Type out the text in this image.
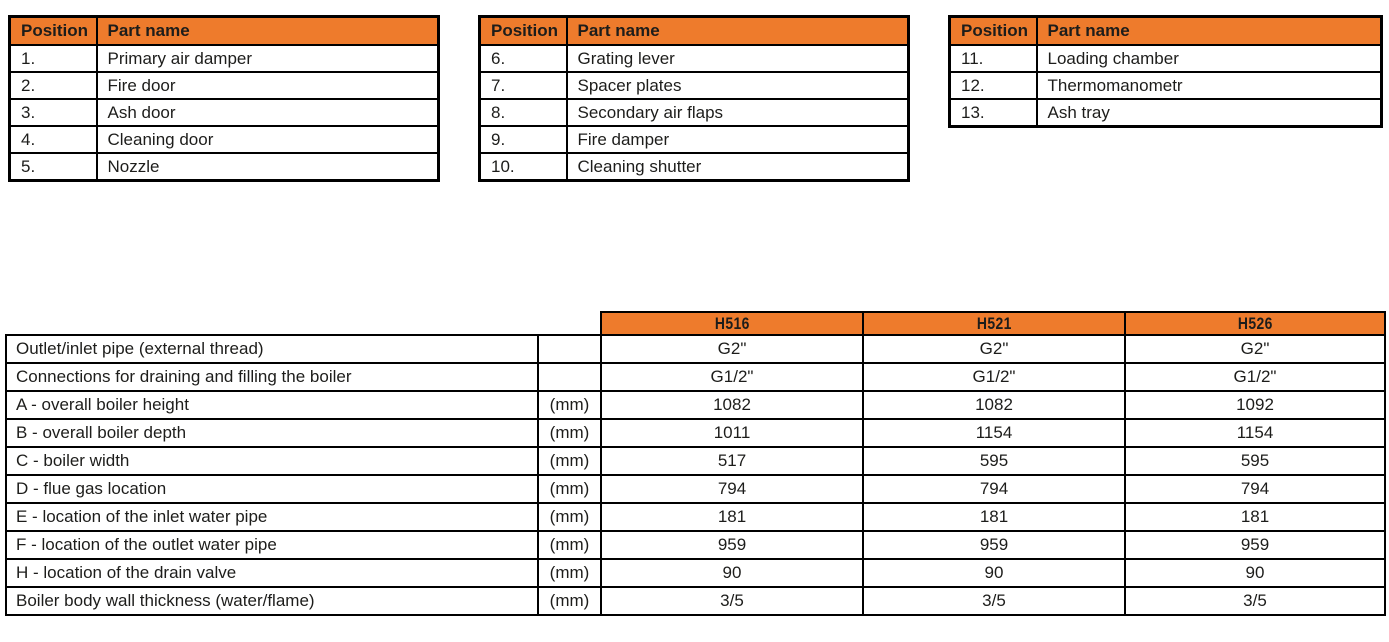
Position	Part name
1.	Primary air damper
2.	Fire door
3.	Ash door
4.	Cleaning door
5.	Nozzle
Position	Part name
6.	Grating lever
7.	Spacer plates
8.	Secondary air flaps
9.	Fire damper
10.	Cleaning shutter
Position	Part name
11.	Loading chamber
12.	Thermomanometr
13.	Ash tray
		H516	H521	H526
Outlet/inlet pipe (external thread)		G2"	G2"	G2"
Connections for draining and filling the boiler		G1/2"	G1/2"	G1/2"
A - overall boiler height	(mm)	1082	1082	1092
B - overall boiler depth	(mm)	1011	1154	1154
C - boiler width	(mm)	517	595	595
D - flue gas location	(mm)	794	794	794
E - location of the inlet water pipe	(mm)	181	181	181
F - location of the outlet water pipe	(mm)	959	959	959
H - location of the drain valve	(mm)	90	90	90
Boiler body wall thickness (water/flame)	(mm)	3/5	3/5	3/5
